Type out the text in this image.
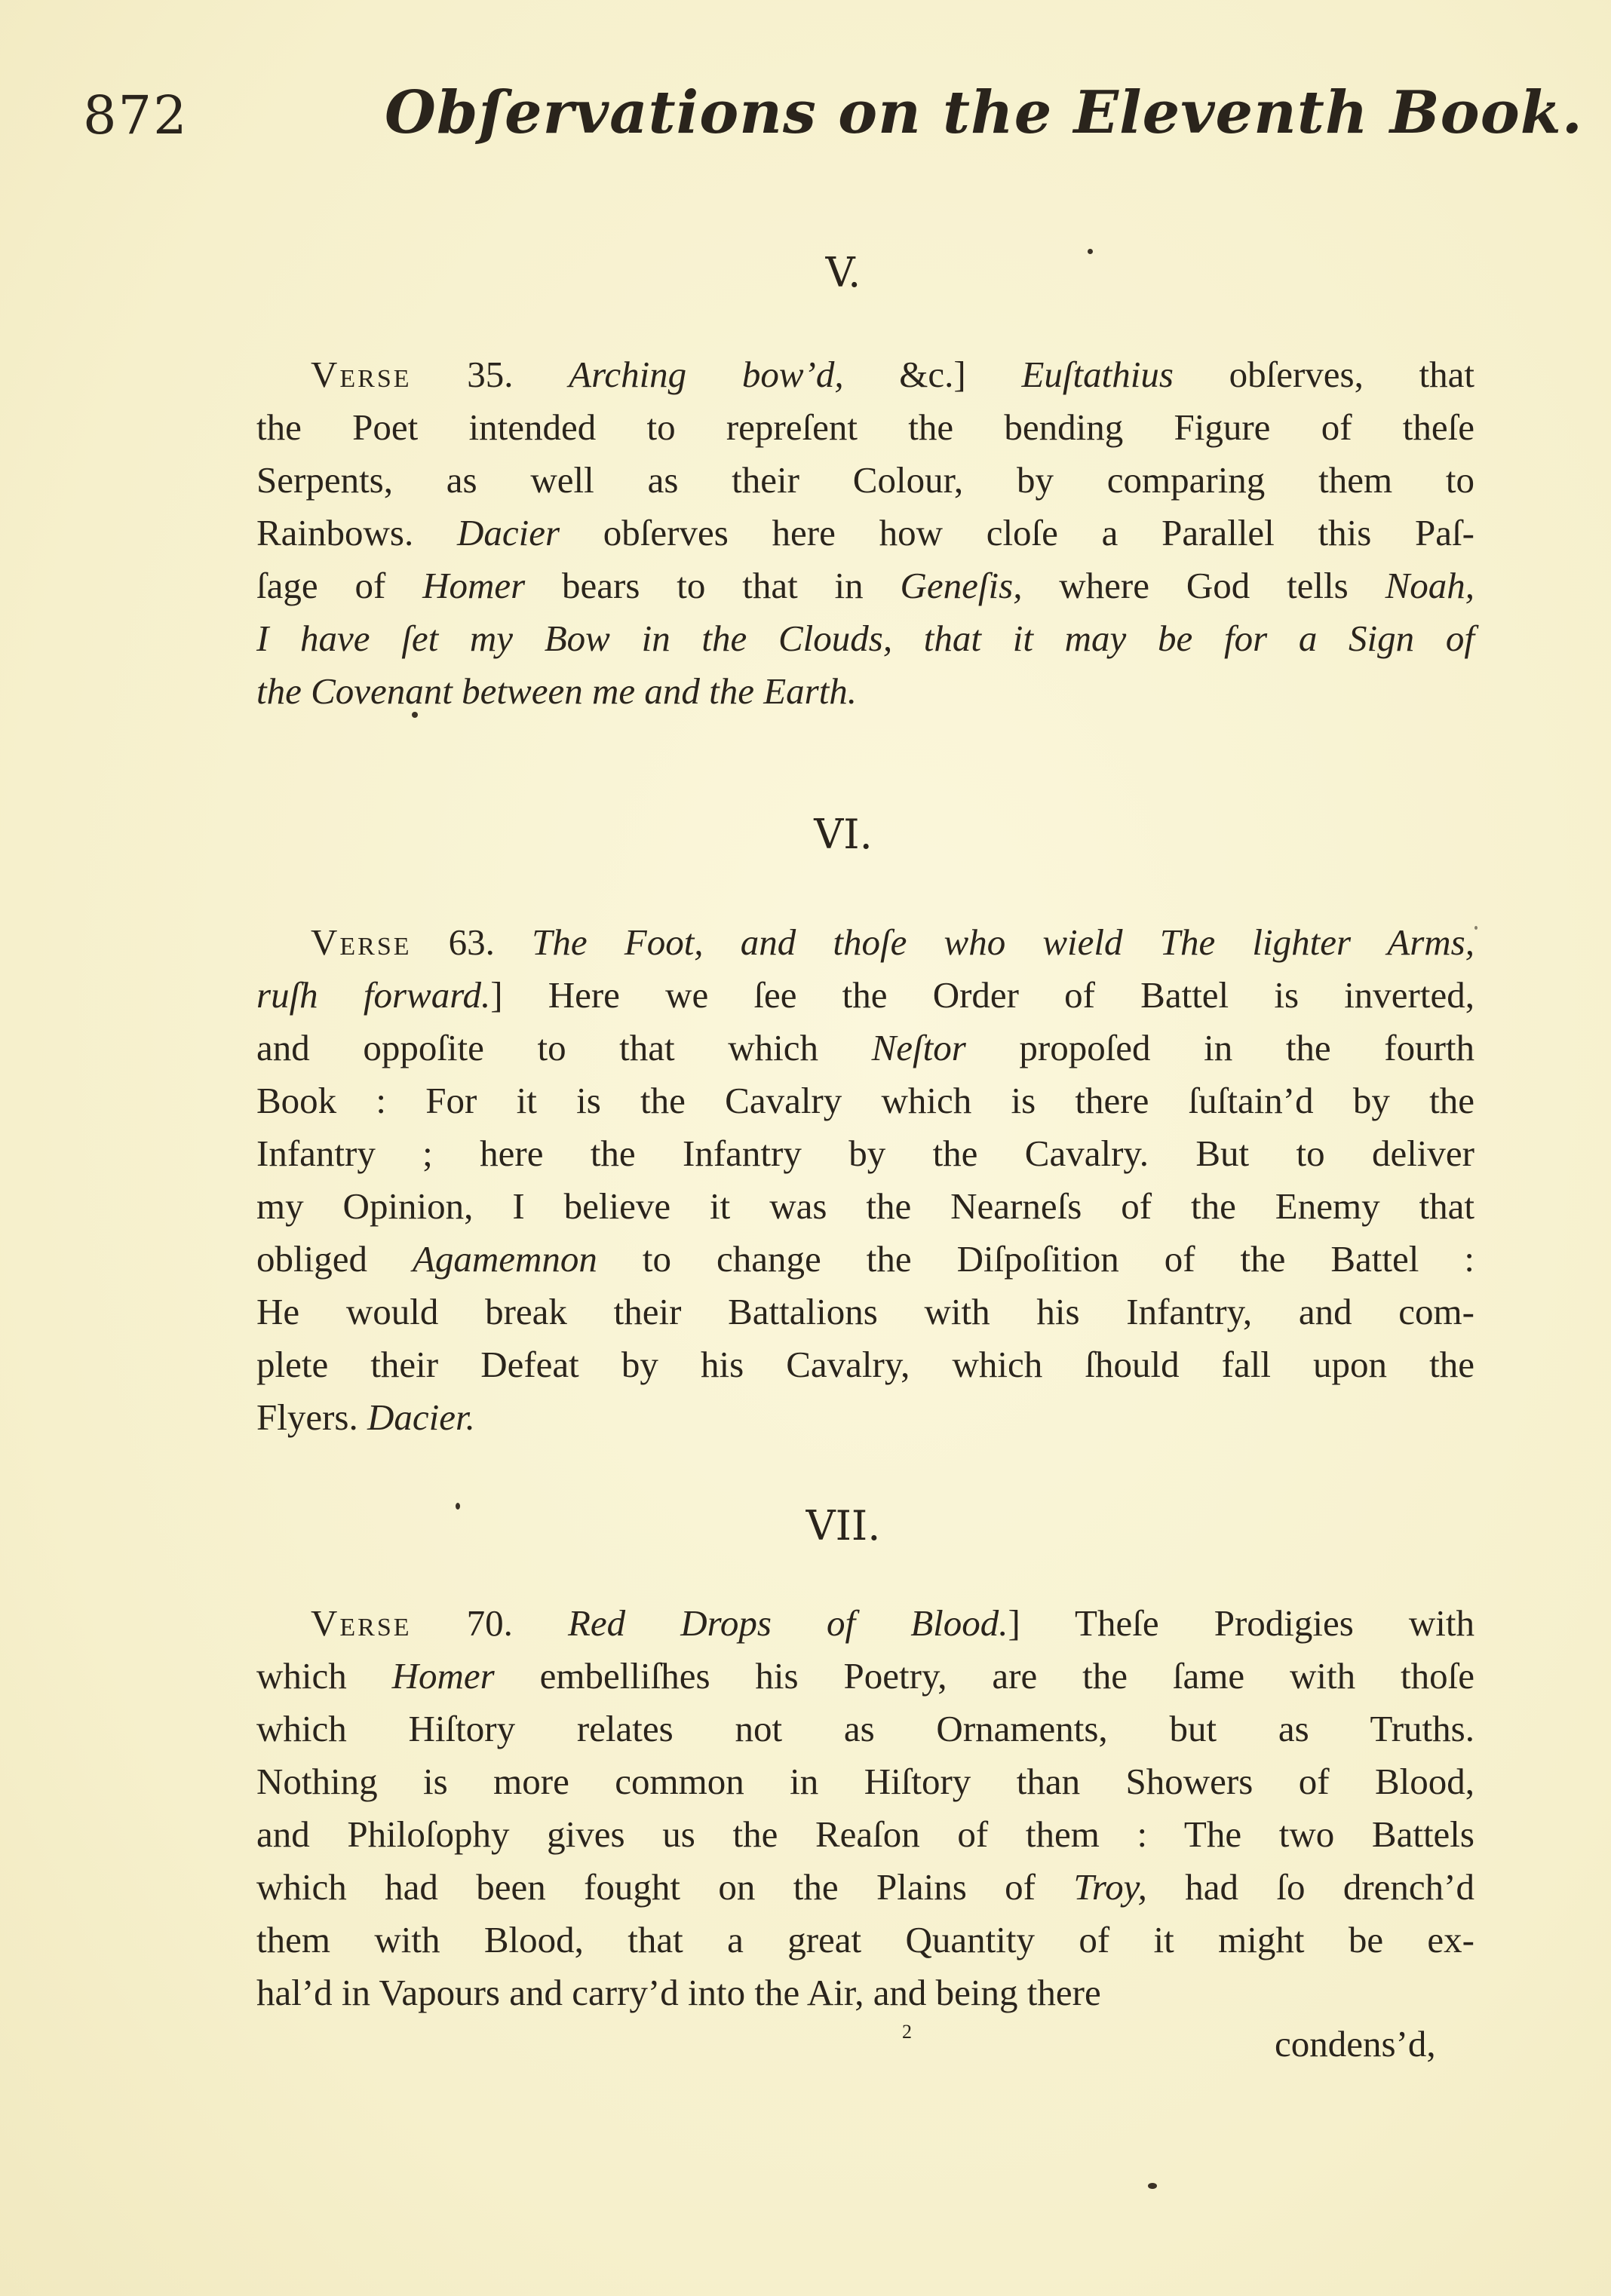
872	Obſervations on the Eleventh Book.
V.
Verse 35. Arching bow’d, &c.] Euſtathius obſerves, that
the Poet intended to repreſent the bending Figure of theſe
Serpents, as well as their Colour, by comparing them to
Rainbows. Dacier obſerves here how cloſe a Parallel this Paſ-
ſage of Homer bears to that in Geneſis, where God tells Noah,
I have ſet my Bow in the Clouds, that it may be for a Sign of
the Covenant between me and the Earth.
VI.
Verse 63. The Foot, and thoſe who wield The lighter Arms,
ruſh forward.] Here we ſee the Order of Battel is inverted,
and oppoſite to that which Neſtor propoſed in the fourth
Book : For it is the Cavalry which is there ſuſtain’d by the
Infantry ; here the Infantry by the Cavalry. But to deliver
my Opinion, I believe it was the Nearneſs of the Enemy that
obliged Agamemnon to change the Diſpoſition of the Battel :
He would break their Battalions with his Infantry, and com-
plete their Defeat by his Cavalry, which ſhould fall upon the
Flyers. Dacier.
VII.
Verse 70. Red Drops of Blood.] Theſe Prodigies with
which Homer embelliſhes his Poetry, are the ſame with thoſe
which Hiſtory relates not as Ornaments, but as Truths.
Nothing is more common in Hiſtory than Showers of Blood,
and Philoſophy gives us the Reaſon of them : The two Battels
which had been fought on the Plains of Troy, had ſo drench’d
them with Blood, that a great Quantity of it might be ex-
hal’d in Vapours and carry’d into the Air, and being there
2	condens’d,
